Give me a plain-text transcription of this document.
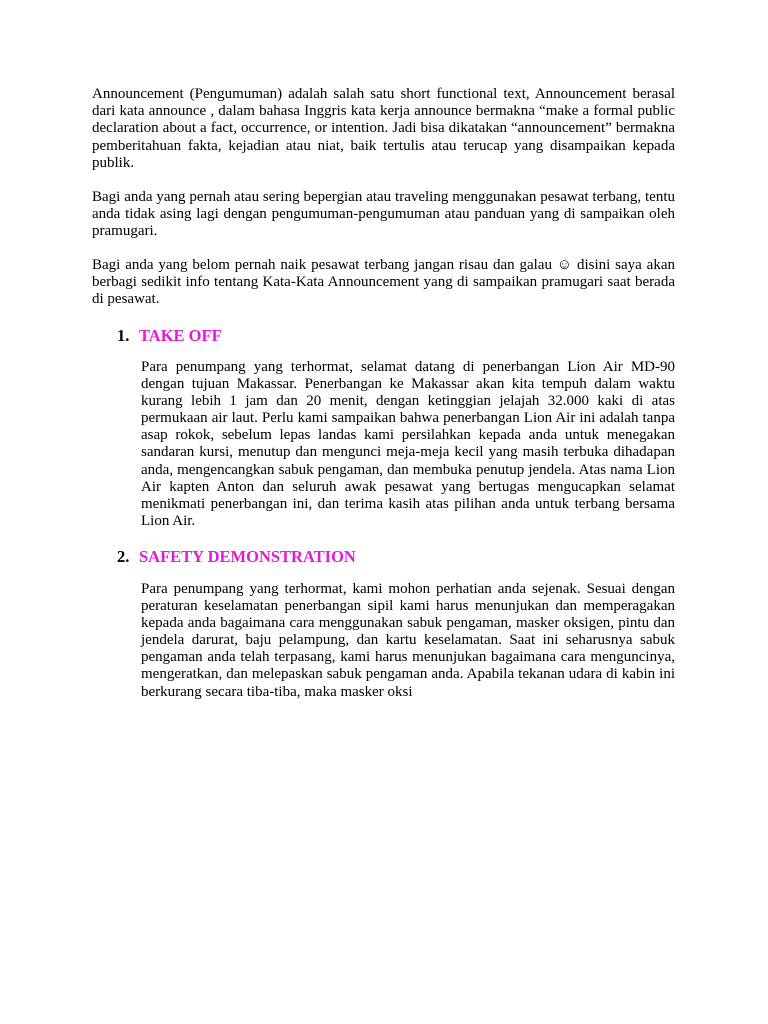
Announcement (Pengumuman) adalah salah satu short functional text, Announcement berasal dari kata announce , dalam bahasa Inggris kata kerja announce bermakna “make a formal public declaration about a fact, occurrence, or intention. Jadi bisa dikatakan “announcement” bermakna pemberitahuan fakta, kejadian atau niat, baik tertulis atau terucap yang disampaikan kepada publik.

Bagi anda yang pernah atau sering bepergian atau traveling menggunakan pesawat terbang, tentu anda tidak asing lagi dengan pengumuman-pengumuman atau panduan yang di sampaikan oleh pramugari.

Bagi anda yang belom pernah naik pesawat terbang jangan risau dan galau ☺ disini saya akan berbagi sedikit info tentang Kata-Kata Announcement yang di sampaikan pramugari saat berada di pesawat.

1. TAKE OFF

Para penumpang yang terhormat, selamat datang di penerbangan Lion Air MD-90 dengan tujuan Makassar. Penerbangan ke Makassar akan kita tempuh dalam waktu kurang lebih 1 jam dan 20 menit, dengan ketinggian jelajah 32.000 kaki di atas permukaan air laut. Perlu kami sampaikan bahwa penerbangan Lion Air ini adalah tanpa asap rokok, sebelum lepas landas kami persilahkan kepada anda untuk menegakan sandaran kursi, menutup dan mengunci meja-meja kecil yang masih terbuka dihadapan anda, mengencangkan sabuk pengaman, dan membuka penutup jendela. Atas nama Lion Air kapten Anton dan seluruh awak pesawat yang bertugas mengucapkan selamat menikmati penerbangan ini, dan terima kasih atas pilihan anda untuk terbang bersama Lion Air.

2. SAFETY DEMONSTRATION

Para penumpang yang terhormat, kami mohon perhatian anda sejenak. Sesuai dengan peraturan keselamatan penerbangan sipil kami harus menunjukan dan memperagakan kepada anda bagaimana cara menggunakan sabuk pengaman, masker oksigen, pintu dan jendela darurat, baju pelampung, dan kartu keselamatan. Saat ini seharusnya sabuk pengaman anda telah terpasang, kami harus menunjukan bagaimana cara menguncinya, mengeratkan, dan melepaskan sabuk pengaman anda. Apabila tekanan udara di kabin ini berkurang secara tiba-tiba, maka masker oksi
